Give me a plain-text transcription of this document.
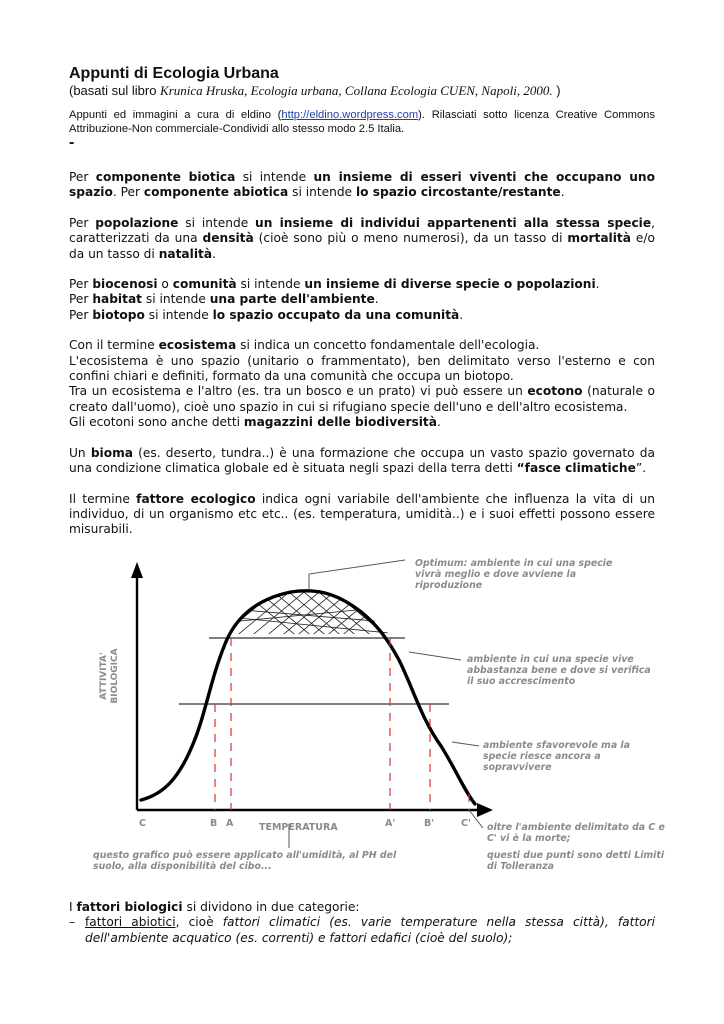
Appunti di Ecologia Urbana

(basati sul libro Krunica Hruska, Ecologia urbana, Collana Ecologia CUEN, Napoli, 2000. )

Appunti ed immagini a cura di eldino (http://eldino.wordpress.com). Rilasciati sotto licenza Creative Commons Attribuzione-Non commerciale-Condividi allo stesso modo 2.5 Italia.

-

Per componente biotica si intende un insieme di esseri viventi che occupano uno spazio. Per componente abiotica si intende lo spazio circostante/restante.

Per popolazione si intende un insieme di individui appartenenti alla stessa specie, caratterizzati da una densità (cioè sono più o meno numerosi), da un tasso di mortalità e/o da un tasso di natalità.

Per biocenosi o comunità si intende un insieme di diverse specie o popolazioni.
Per habitat si intende una parte dell'ambiente.
Per biotopo si intende lo spazio occupato da una comunità.

Con il termine ecosistema si indica un concetto fondamentale dell'ecologia.
L'ecosistema è uno spazio (unitario o frammentato), ben delimitato verso l'esterno e con confini chiari e definiti, formato da una comunità che occupa un biotopo.
Tra un ecosistema e l'altro (es. tra un bosco e un prato) vi può essere un ecotono (naturale o creato dall'uomo), cioè uno spazio in cui si rifugiano specie dell'uno e dell'altro ecosistema.
Gli ecotoni sono anche detti magazzini delle biodiversità.

Un bioma (es. deserto, tundra..) è una formazione che occupa un vasto spazio governato da una condizione climatica globale ed è situata negli spazi della terra detti “fasce climatiche”.

Il termine fattore ecologico indica ogni variabile dell'ambiente che influenza la vita di un individuo, di un organismo etc etc.. (es. temperatura, umidità..) e i suoi effetti possono essere misurabili.

ATTIVITA' BIOLOGICA
TEMPERATURA
C	B A	A'	B'	C'
Optimum: ambiente in cui una specie vivrà meglio e dove avviene la riproduzione
ambiente in cui una specie vive abbastanza bene e dove si verifica il suo accrescimento
ambiente sfavorevole ma la specie riesce ancora a sopravvivere
oltre l'ambiente delimitato da C e C' vi è la morte;
questi due punti sono detti Limiti di Tolleranza
questo grafico può essere applicato all'umidità, al PH del suolo, alla disponibilità del cibo...

I fattori biologici si dividono in due categorie:

– fattori abiotici, cioè fattori climatici (es. varie temperature nella stessa città), fattori dell'ambiente acquatico (es. correnti) e fattori edafici (cioè del suolo);
